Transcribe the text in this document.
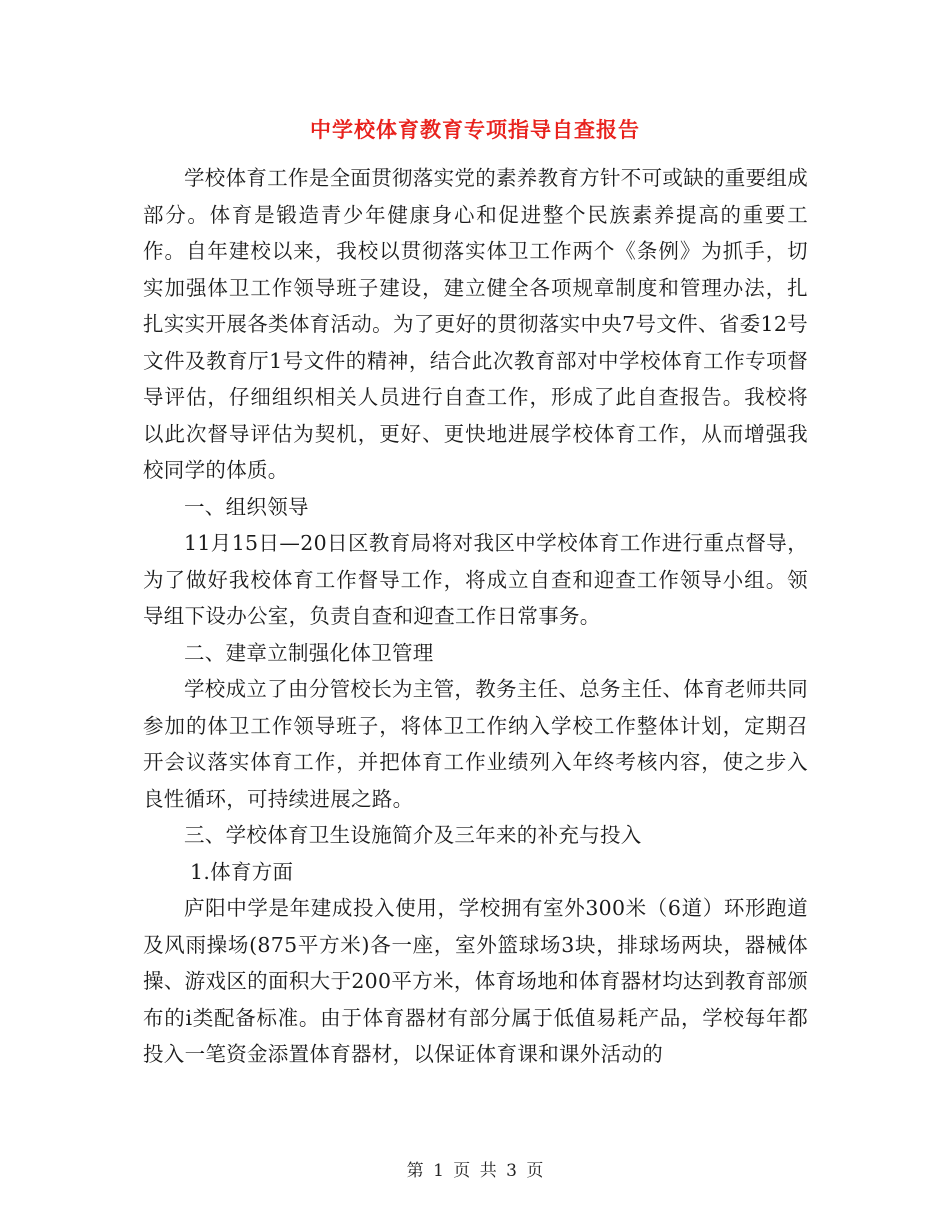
中学校体育教育专项指导自查报告

学校体育工作是全面贯彻落实党的素养教育方针不可或缺的重要组成部分。体育是锻造青少年健康身心和促进整个民族素养提高的重要工作。自年建校以来，我校以贯彻落实体卫工作两个《条例》为抓手，切实加强体卫工作领导班子建设，建立健全各项规章制度和管理办法，扎扎实实开展各类体育活动。为了更好的贯彻落实中央7号文件、省委12号文件及教育厅1号文件的精神，结合此次教育部对中学校体育工作专项督导评估，仔细组织相关人员进行自查工作，形成了此自查报告。我校将以此次督导评估为契机，更好、更快地进展学校体育工作，从而增强我校同学的体质。

一、组织领导

11月15日—20日区教育局将对我区中学校体育工作进行重点督导，为了做好我校体育工作督导工作，将成立自查和迎查工作领导小组。领导组下设办公室，负责自查和迎查工作日常事务。

二、建章立制强化体卫管理

学校成立了由分管校长为主管，教务主任、总务主任、体育老师共同参加的体卫工作领导班子，将体卫工作纳入学校工作整体计划，定期召开会议落实体育工作，并把体育工作业绩列入年终考核内容，使之步入良性循环，可持续进展之路。

三、学校体育卫生设施简介及三年来的补充与投入

1.体育方面

庐阳中学是年建成投入使用，学校拥有室外300米（6道）环形跑道及风雨操场(875平方米)各一座，室外篮球场3块，排球场两块，器械体操、游戏区的面积大于200平方米，体育场地和体育器材均达到教育部颁布的ⅰ类配备标准。由于体育器材有部分属于低值易耗产品，学校每年都投入一笔资金添置体育器材，以保证体育课和课外活动的

第 1 页 共 3 页
